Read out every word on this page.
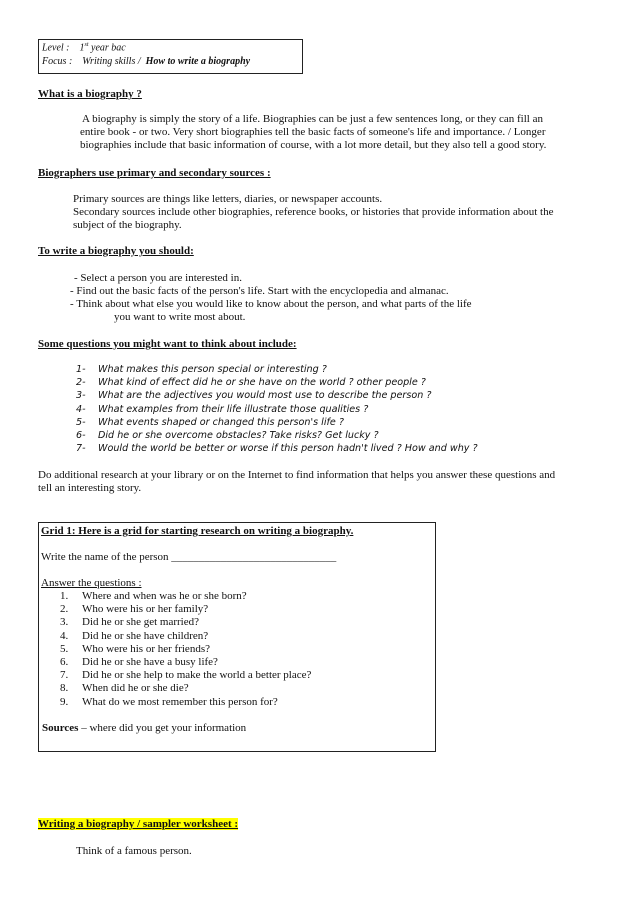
Level : 1st year bac
Focus : Writing skills / How to write a biography
What is a biography ?
A biography is simply the story of a life. Biographies can be just a few sentences long, or they can fill an
entire book - or two. Very short biographies tell the basic facts of someone's life and importance. / Longer
biographies include that basic information of course, with a lot more detail, but they also tell a good story.
Biographers use primary and secondary sources :
Primary sources are things like letters, diaries, or newspaper accounts.
Secondary sources include other biographies, reference books, or histories that provide information about the
subject of the biography.
To write a biography you should:
- Select a person you are interested in.
- Find out the basic facts of the person's life. Start with the encyclopedia and almanac.
- Think about what else you would like to know about the person, and what parts of the life
you want to write most about.
Some questions you might want to think about include:
1- What makes this person special or interesting ?
2- What kind of effect did he or she have on the world ? other people ?
3- What are the adjectives you would most use to describe the person ?
4- What examples from their life illustrate those qualities ?
5- What events shaped or changed this person's life ?
6- Did he or she overcome obstacles? Take risks? Get lucky ?
7- Would the world be better or worse if this person hadn't lived ? How and why ?
Do additional research at your library or on the Internet to find information that helps you answer these questions and
tell an interesting story.
Grid 1: Here is a grid for starting research on writing a biography.
Write the name of the person ______________________________
Answer the questions :
1. Where and when was he or she born?
2. Who were his or her family?
3. Did he or she get married?
4. Did he or she have children?
5. Who were his or her friends?
6. Did he or she have a busy life?
7. Did he or she help to make the world a better place?
8. When did he or she die?
9. What do we most remember this person for?
Sources – where did you get your information
Writing a biography / sampler worksheet :
Think of a famous person.
